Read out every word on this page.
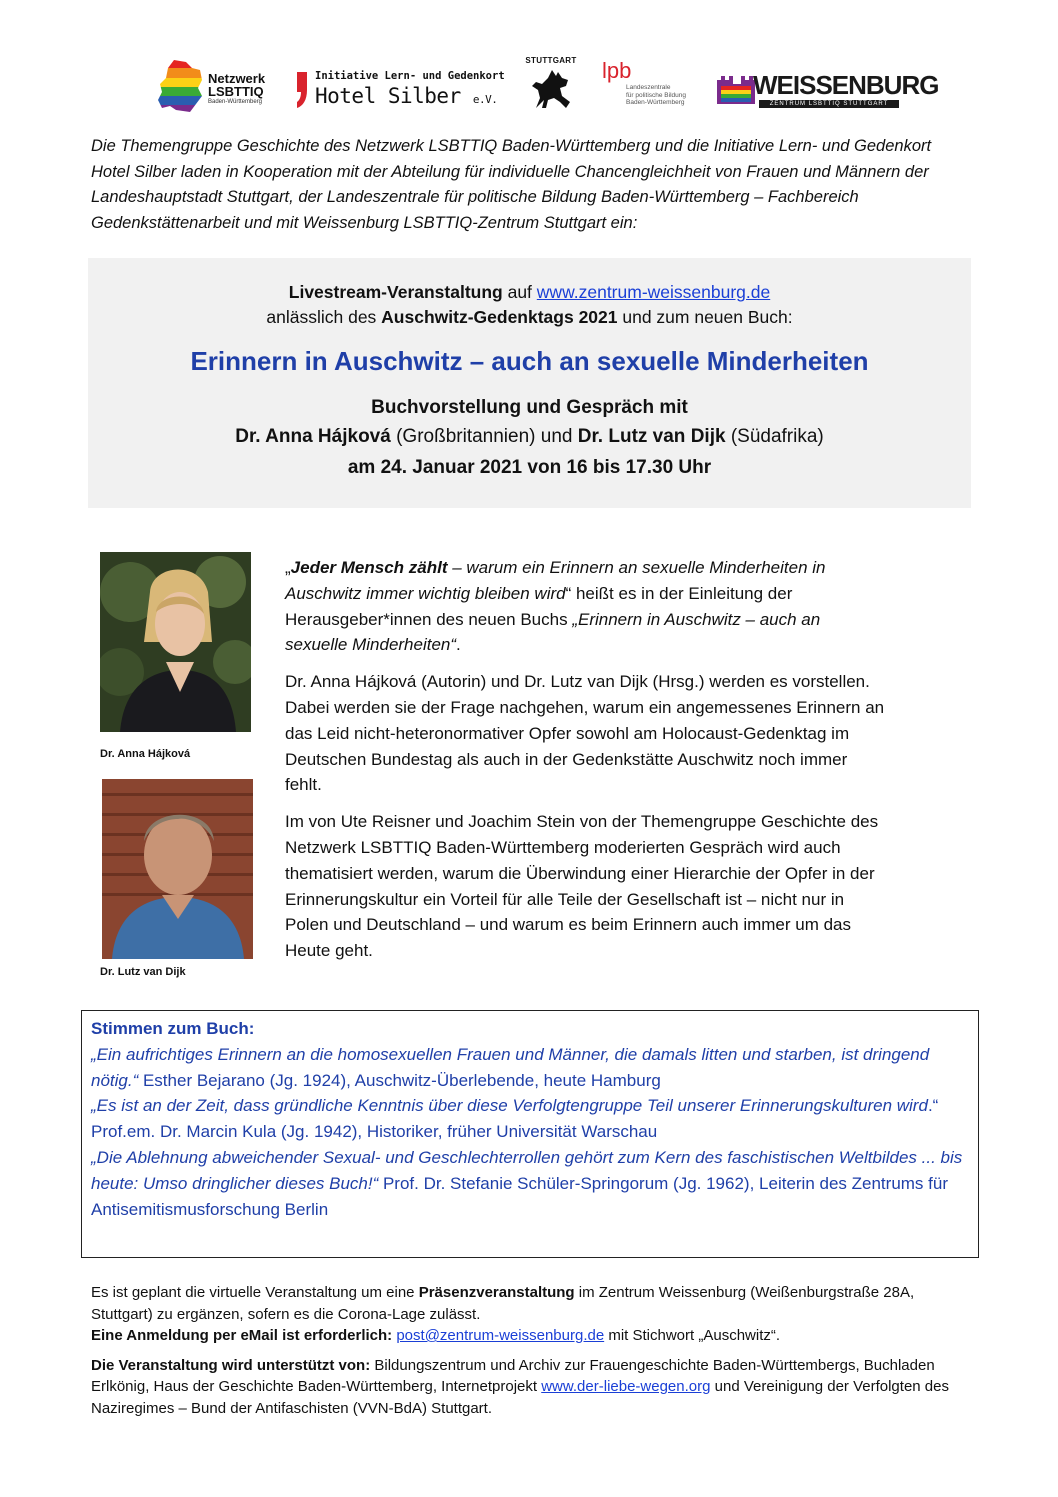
Netzwerk
LSBTTIQ
Baden-Württemberg
Initiative Lern- und Gedenkort
Hotel Silber e.V.
STUTTGART lpb
Landeszentrale
für politische Bildung
Baden-Württemberg
WEISSENBURG
ZENTRUM LSBTTIQ STUTTGART

Die Themengruppe Geschichte des Netzwerk LSBTTIQ Baden-Württemberg und die Initiative Lern- und Gedenkort Hotel Silber laden in Kooperation mit der Abteilung für individuelle Chancengleichheit von Frauen und Männern der Landeshauptstadt Stuttgart, der Landeszentrale für politische Bildung Baden-Württemberg – Fachbereich Gedenkstättenarbeit und mit Weissenburg LSBTTIQ-Zentrum Stuttgart ein:

Livestream-Veranstaltung auf www.zentrum-weissenburg.de
anlässlich des Auschwitz-Gedenktags 2021 und zum neuen Buch:
Erinnern in Auschwitz – auch an sexuelle Minderheiten
Buchvorstellung und Gespräch mit
Dr. Anna Hájková (Großbritannien) und Dr. Lutz van Dijk (Südafrika)
am 24. Januar 2021 von 16 bis 17.30 Uhr
Dr. Anna Hájková
Dr. Lutz van Dijk

„Jeder Mensch zählt – warum ein Erinnern an sexuelle Minderheiten in Auschwitz immer wichtig bleiben wird“ heißt es in der Einleitung der Herausgeber*innen des neuen Buchs „Erinnern in Auschwitz – auch an sexuelle Minderheiten“.

Dr. Anna Hájková (Autorin) und Dr. Lutz van Dijk (Hrsg.) werden es vorstellen. Dabei werden sie der Frage nachgehen, warum ein angemessenes Erinnern an das Leid nicht-heteronormativer Opfer sowohl am Holocaust-Gedenktag im Deutschen Bundestag als auch in der Gedenkstätte Auschwitz noch immer fehlt.

Im von Ute Reisner und Joachim Stein von der Themengruppe Geschichte des Netzwerk LSBTTIQ Baden-Württemberg moderierten Gespräch wird auch thematisiert werden, warum die Überwindung einer Hierarchie der Opfer in der Erinnerungskultur ein Vorteil für alle Teile der Gesellschaft ist – nicht nur in Polen und Deutschland – und warum es beim Erinnern auch immer um das Heute geht.

Stimmen zum Buch:
„Ein aufrichtiges Erinnern an die homosexuellen Frauen und Männer, die damals litten und starben, ist dringend nötig.“ Esther Bejarano (Jg. 1924), Auschwitz-Überlebende, heute Hamburg
„Es ist an der Zeit, dass gründliche Kenntnis über diese Verfolgtengruppe Teil unserer Erinnerungskulturen wird.“ Prof.em. Dr. Marcin Kula (Jg. 1942), Historiker, früher Universität Warschau
„Die Ablehnung abweichender Sexual- und Geschlechterrollen gehört zum Kern des faschistischen Weltbildes ... bis heute: Umso dringlicher dieses Buch!“ Prof. Dr. Stefanie Schüler-Springorum (Jg. 1962), Leiterin des Zentrums für Antisemitismusforschung Berlin

Es ist geplant die virtuelle Veranstaltung um eine Präsenzveranstaltung im Zentrum Weissenburg (Weißenburgstraße 28A, Stuttgart) zu ergänzen, sofern es die Corona-Lage zulässt.
Eine Anmeldung per eMail ist erforderlich: post@zentrum-weissenburg.de mit Stichwort „Auschwitz“.

Die Veranstaltung wird unterstützt von: Bildungszentrum und Archiv zur Frauengeschichte Baden-Württembergs, Buchladen Erlkönig, Haus der Geschichte Baden-Württemberg, Internetprojekt www.der-liebe-wegen.org und Vereinigung der Verfolgten des Naziregimes – Bund der Antifaschisten (VVN-BdA) Stuttgart.
